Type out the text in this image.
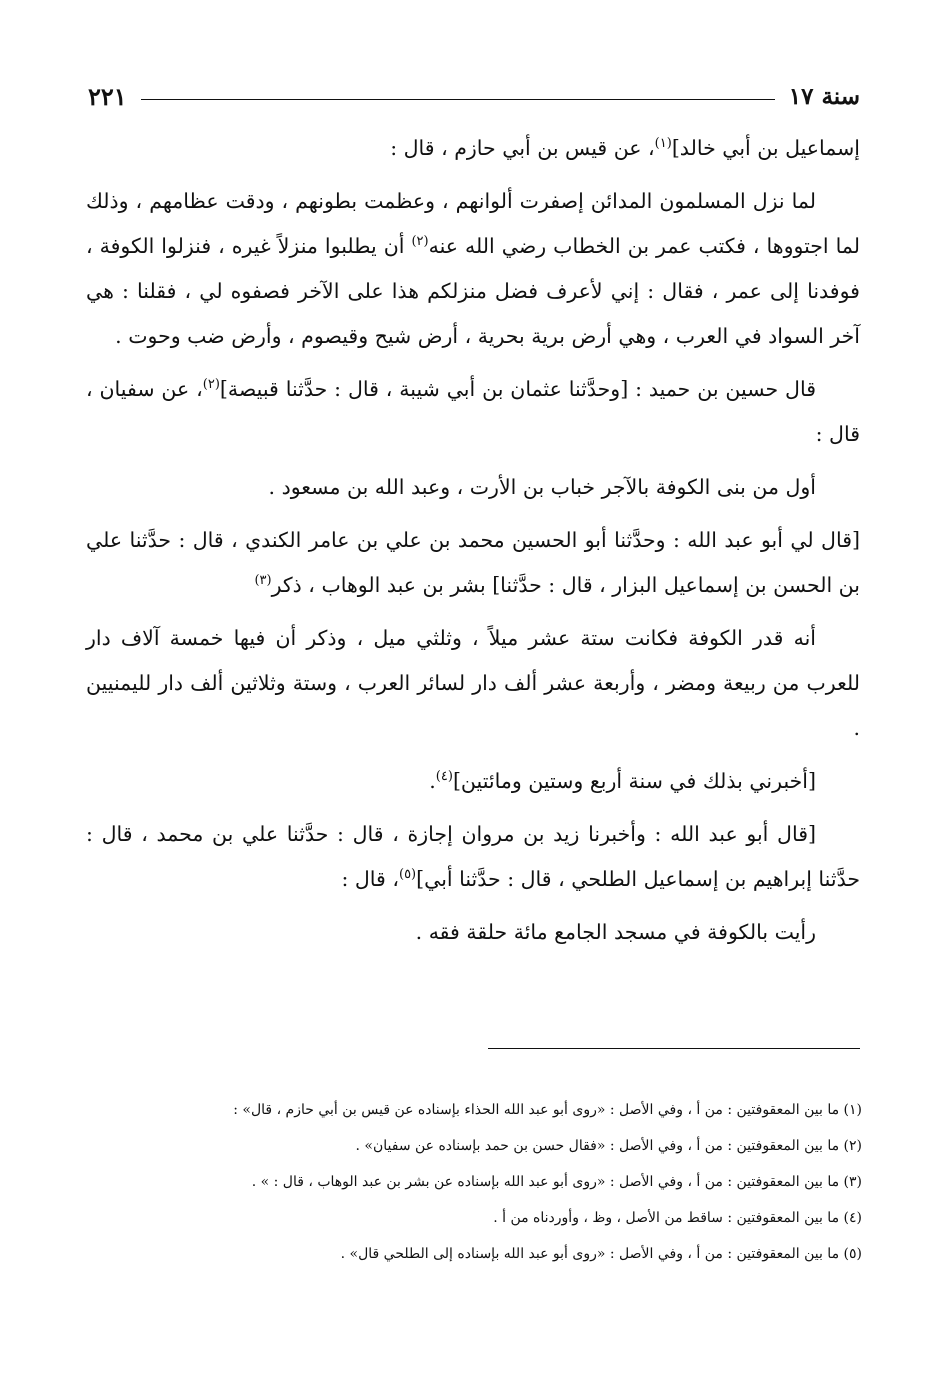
سنة ١٧
٢٢١

إسماعيل بن أبي خالد]$^{(١)}$، عن قيس بن أبي حازم ، قال :

لما نزل المسلمون المدائن إصفرت ألوانهم ، وعظمت بطونهم ، ودقت عظامهم ، وذلك لما اجتووها ، فكتب عمر بن الخطاب رضي الله عنه$^{(٢)}$ أن يطلبوا منزلاً غيره ، فنزلوا الكوفة ، فوفدنا إلى عمر ، فقال : إني لأعرف فضل منزلكم هذا على الآخر فصفوه لي ، فقلنا : هي آخر السواد في العرب ، وهي أرض برية بحرية ، أرض شيح وقيصوم ، وأرض ضب وحوت .

قال حسين بن حميد : [وحدَّثنا عثمان بن أبي شيبة ، قال : حدَّثنا قبيصة]$^{(٢)}$، عن سفيان ، قال :

أول من بنى الكوفة بالآجر خباب بن الأرت ، وعبد الله بن مسعود .

[قال لي أبو عبد الله : وحدَّثنا أبو الحسين محمد بن علي بن عامر الكندي ، قال : حدَّثنا علي بن الحسن بن إسماعيل البزار ، قال : حدَّثنا] بشر بن عبد الوهاب ، ذكر$^{(٣)}$

أنه قدر الكوفة فكانت ستة عشر ميلاً ، وثلثي ميل ، وذكر أن فيها خمسة آلاف دار للعرب من ربيعة ومضر ، وأربعة عشر ألف دار لسائر العرب ، وستة وثلاثين ألف دار لليمنيين .

[أخبرني بذلك في سنة أربع وستين ومائتين]$^{(٤)}$.

[قال أبو عبد الله : وأخبرنا زيد بن مروان إجازة ، قال : حدَّثنا علي بن محمد ، قال : حدَّثنا إبراهيم بن إسماعيل الطلحي ، قال : حدَّثنا أبي]$^{(٥)}$، قال :

رأيت بالكوفة في مسجد الجامع مائة حلقة فقه .

(١) ما بين المعقوفتين : من أ ، وفي الأصل : «روى أبو عبد الله الحذاء بإسناده عن قيس بن أبي حازم ، قال» :
(٢) ما بين المعقوفتين : من أ ، وفي الأصل : «فقال حسن بن حمد بإسناده عن سفيان» .
(٣) ما بين المعقوفتين : من أ ، وفي الأصل : «روى أبو عبد الله بإسناده عن بشر بن عبد الوهاب ، قال : » .
(٤) ما بين المعقوفتين : ساقط من الأصل ، وظ ، وأوردناه من أ .
(٥) ما بين المعقوفتين : من أ ، وفي الأصل : «روى أبو عبد الله بإسناده إلى الطلحي قال» .
